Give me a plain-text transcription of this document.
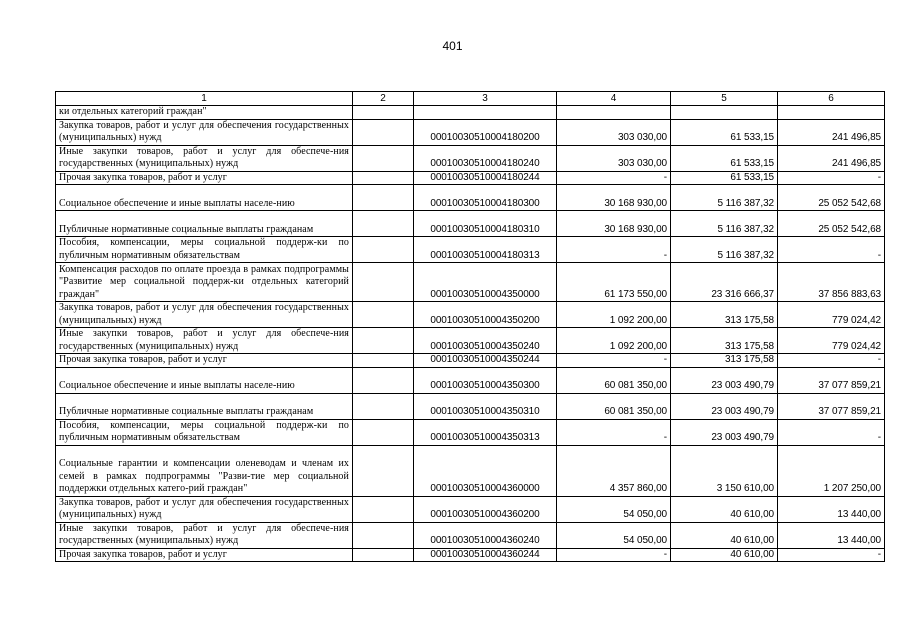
401
1	2	3	4	5	6
ки отдельных категорий граждан"					
Закупка товаров, работ и услуг для обеспечения государственных (муниципальных) нужд		00010030510004180200	303 030,00	61 533,15	241 496,85
Иные закупки товаров, работ и услуг для обеспече-ния государственных (муниципальных) нужд		00010030510004180240	303 030,00	61 533,15	241 496,85
Прочая закупка товаров, работ и услуг		00010030510004180244	-	61 533,15	-
Социальное обеспечение и иные выплаты населе-нию		00010030510004180300	30 168 930,00	5 116 387,32	25 052 542,68
Публичные нормативные социальные выплаты гражданам		00010030510004180310	30 168 930,00	5 116 387,32	25 052 542,68
Пособия, компенсации, меры социальной поддерж-ки по публичным нормативным обязательствам		00010030510004180313	-	5 116 387,32	-
Компенсация расходов по оплате проезда в рамках подпрограммы "Развитие мер социальной поддерж-ки отдельных категорий граждан"		00010030510004350000	61 173 550,00	23 316 666,37	37 856 883,63
Закупка товаров, работ и услуг для обеспечения государственных (муниципальных) нужд		00010030510004350200	1 092 200,00	313 175,58	779 024,42
Иные закупки товаров, работ и услуг для обеспече-ния государственных (муниципальных) нужд		00010030510004350240	1 092 200,00	313 175,58	779 024,42
Прочая закупка товаров, работ и услуг		00010030510004350244	-	313 175,58	-
Социальное обеспечение и иные выплаты населе-нию		00010030510004350300	60 081 350,00	23 003 490,79	37 077 859,21
Публичные нормативные социальные выплаты гражданам		00010030510004350310	60 081 350,00	23 003 490,79	37 077 859,21
Пособия, компенсации, меры социальной поддерж-ки по публичным нормативным обязательствам		00010030510004350313	-	23 003 490,79	-
Социальные гарантии и компенсации оленеводам и членам их семей в рамках подпрограммы "Разви-тие мер социальной поддержки отдельных катего-рий граждан"		00010030510004360000	4 357 860,00	3 150 610,00	1 207 250,00
Закупка товаров, работ и услуг для обеспечения государственных (муниципальных) нужд		00010030510004360200	54 050,00	40 610,00	13 440,00
Иные закупки товаров, работ и услуг для обеспече-ния государственных (муниципальных) нужд		00010030510004360240	54 050,00	40 610,00	13 440,00
Прочая закупка товаров, работ и услуг		00010030510004360244	-	40 610,00	-
